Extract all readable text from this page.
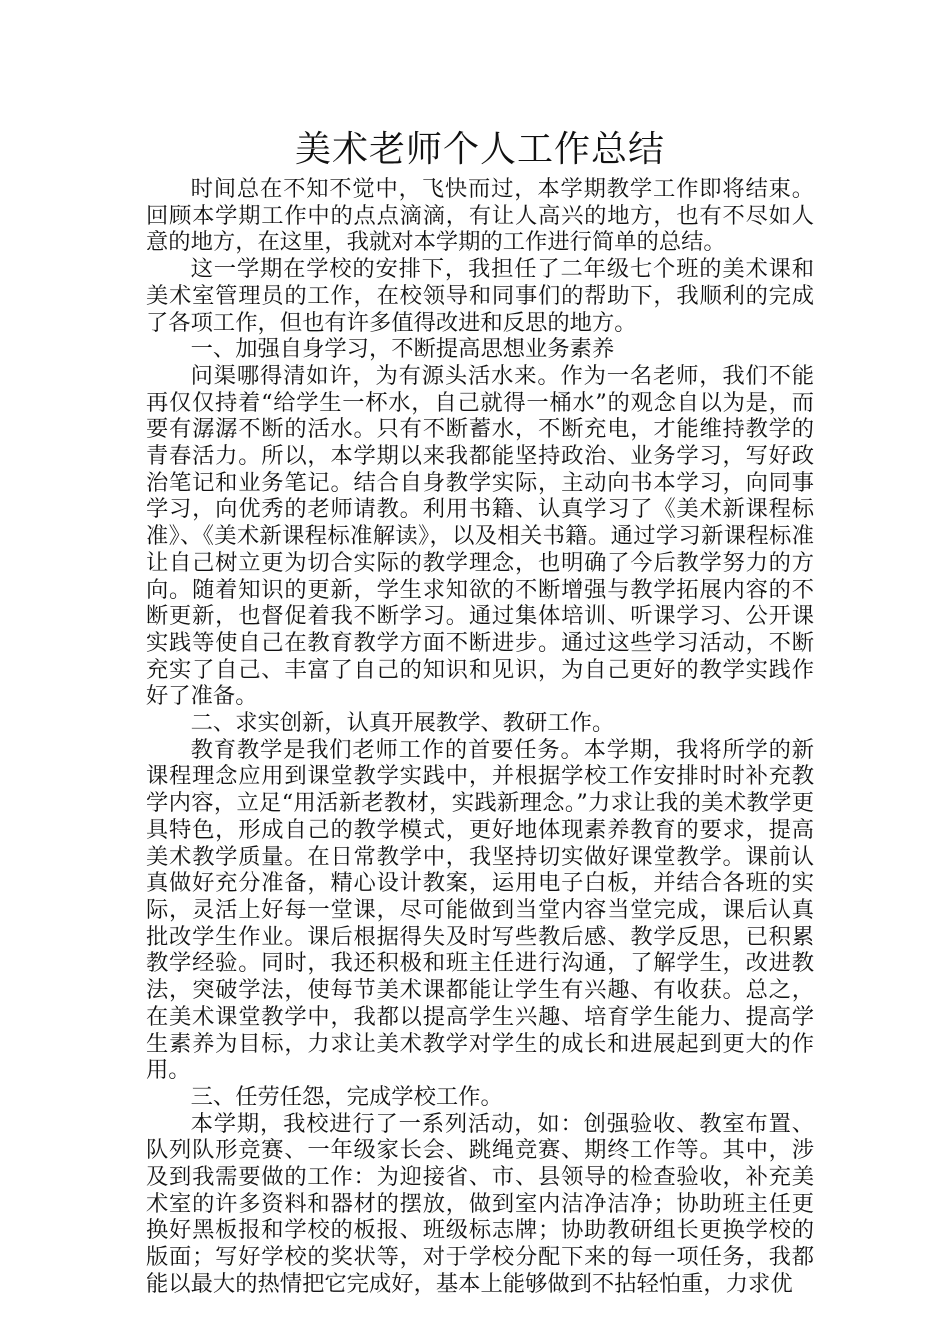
美术老师个人工作总结

时间总在不知不觉中，飞快而过，本学期教学工作即将结束。回顾本学期工作中的点点滴滴，有让人高兴的地方，也有不尽如人意的地方，在这里，我就对本学期的工作进行简单的总结。

这一学期在学校的安排下，我担任了二年级七个班的美术课和美术室管理员的工作，在校领导和同事们的帮助下，我顺利的完成了各项工作，但也有许多值得改进和反思的地方。

一、加强自身学习，不断提高思想业务素养

问渠哪得清如许，为有源头活水来。作为一名老师，我们不能再仅仅持着“给学生一杯水，自己就得一桶水”的观念自以为是，而要有潺潺不断的活水。只有不断蓄水，不断充电，才能维持教学的青春活力。所以，本学期以来我都能坚持政治、业务学习，写好政治笔记和业务笔记。结合自身教学实际，主动向书本学习，向同事学习，向优秀的老师请教。利用书籍、认真学习了《美术新课程标准》、《美术新课程标准解读》，以及相关书籍。通过学习新课程标准让自己树立更为切合实际的教学理念，也明确了今后教学努力的方向。随着知识的更新，学生求知欲的不断增强与教学拓展内容的不断更新，也督促着我不断学习。通过集体培训、听课学习、公开课实践等使自己在教育教学方面不断进步。通过这些学习活动，不断充实了自己、丰富了自己的知识和见识，为自己更好的教学实践作好了准备。

二、求实创新，认真开展教学、教研工作。

教育教学是我们老师工作的首要任务。本学期，我将所学的新课程理念应用到课堂教学实践中，并根据学校工作安排时时补充教学内容，立足“用活新老教材，实践新理念。”力求让我的美术教学更具特色，形成自己的教学模式，更好地体现素养教育的要求，提高美术教学质量。在日常教学中，我坚持切实做好课堂教学。课前认真做好充分准备，精心设计教案，运用电子白板，并结合各班的实际，灵活上好每一堂课，尽可能做到当堂内容当堂完成，课后认真批改学生作业。课后根据得失及时写些教后感、教学反思，已积累教学经验。同时，我还积极和班主任进行沟通，了解学生，改进教法，突破学法，使每节美术课都能让学生有兴趣、有收获。总之，在美术课堂教学中，我都以提高学生兴趣、培育学生能力、提高学生素养为目标，力求让美术教学对学生的成长和进展起到更大的作用。

三、任劳任怨，完成学校工作。

本学期，我校进行了一系列活动，如：创强验收、教室布置、队列队形竞赛、一年级家长会、跳绳竞赛、期终工作等。其中，涉及到我需要做的工作：为迎接省、市、县领导的检查验收，补充美术室的许多资料和器材的摆放，做到室内洁净洁净；协助班主任更换好黑板报和学校的板报、班级标志牌；协助教研组长更换学校的版面；写好学校的奖状等，对于学校分配下来的每一项任务，我都能以最大的热情把它完成好，基本上能够做到不拈轻怕重，力求优
